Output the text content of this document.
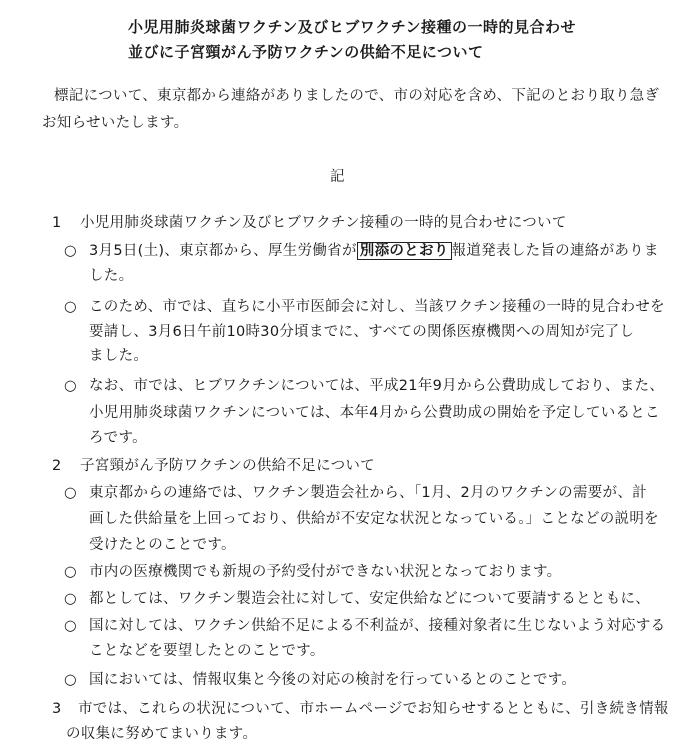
小児用肺炎球菌ワクチン及びヒブワクチン接種の一時的見合わせ
並びに子宮頸がん予防ワクチンの供給不足について
標記について、東京都から連絡がありましたので、市の対応を含め、下記のとおり取り急ぎ
お知らせいたします。
記
1 小児用肺炎球菌ワクチン及びヒブワクチン接種の一時的見合わせについて
○ 3月5日(土)、東京都から、厚生労働省が 別添のとおり 報道発表した旨の連絡がありま
した。
○ このため、市では、直ちに小平市医師会に対し、当該ワクチン接種の一時的見合わせを
要請し、3月6日午前10時30分頃までに、すべての関係医療機関への周知が完了し
ました。
○ なお、市では、ヒブワクチンについては、平成21年9月から公費助成しており、また、
小児用肺炎球菌ワクチンについては、本年4月から公費助成の開始を予定しているとこ
ろです。
2 子宮頸がん予防ワクチンの供給不足について
○ 東京都からの連絡では、ワクチン製造会社から、「1月、2月のワクチンの需要が、計
画した供給量を上回っており、供給が不安定な状況となっている。」ことなどの説明を
受けたとのことです。
○ 市内の医療機関でも新規の予約受付ができない状況となっております。
○ 都としては、ワクチン製造会社に対して、安定供給などについて要請するとともに、
○ 国に対しては、ワクチン供給不足による不利益が、接種対象者に生じないよう対応する
ことなどを要望したとのことです。
○ 国においては、情報収集と今後の対応の検討を行っているとのことです。
3 市では、これらの状況について、市ホームページでお知らせするとともに、引き続き情報
の収集に努めてまいります。
